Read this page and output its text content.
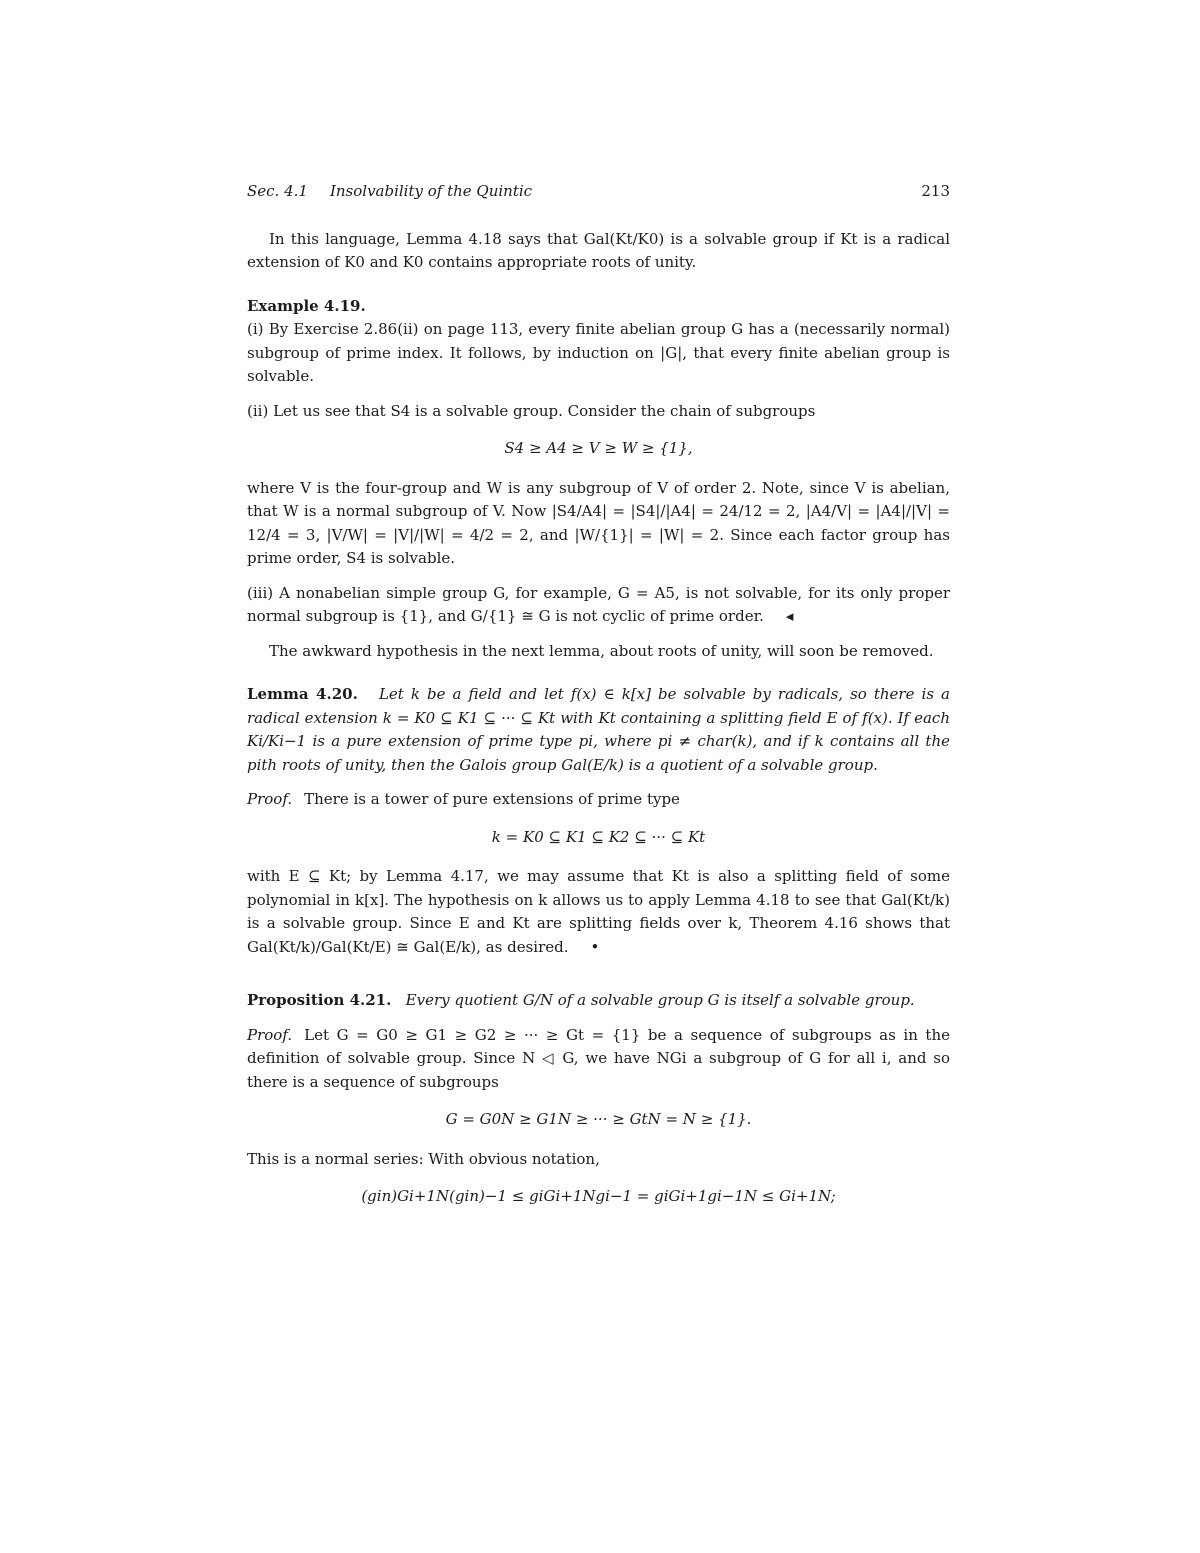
Sec. 4.1 Insolvability of the Quintic	213

In this language, Lemma 4.18 says that Gal(Kt/K0) is a solvable group if Kt is a radical extension of K0 and K0 contains appropriate roots of unity.

Example 4.19.

(i) By Exercise 2.86(ii) on page 113, every finite abelian group G has a (necessarily normal) subgroup of prime index. It follows, by induction on |G|, that every finite abelian group is solvable.

(ii) Let us see that S4 is a solvable group. Consider the chain of subgroups

S4 ≥ A4 ≥ V ≥ W ≥ {1},

where V is the four-group and W is any subgroup of V of order 2. Note, since V is abelian, that W is a normal subgroup of V. Now |S4/A4| = |S4|/|A4| = 24/12 = 2, |A4/V| = |A4|/|V| = 12/4 = 3, |V/W| = |V|/|W| = 4/2 = 2, and |W/{1}| = |W| = 2. Since each factor group has prime order, S4 is solvable.

(iii) A nonabelian simple group G, for example, G = A5, is not solvable, for its only proper normal subgroup is {1}, and G/{1} ≅ G is not cyclic of prime order. ◂

The awkward hypothesis in the next lemma, about roots of unity, will soon be removed.

Lemma 4.20. Let k be a field and let f(x) ∈ k[x] be solvable by radicals, so there is a radical extension k = K0 ⊆ K1 ⊆ ··· ⊆ Kt with Kt containing a splitting field E of f(x). If each Ki/Ki−1 is a pure extension of prime type pi, where pi ≠ char(k), and if k contains all the pith roots of unity, then the Galois group Gal(E/k) is a quotient of a solvable group.

Proof. There is a tower of pure extensions of prime type

k = K0 ⊆ K1 ⊆ K2 ⊆ ··· ⊆ Kt

with E ⊆ Kt; by Lemma 4.17, we may assume that Kt is also a splitting field of some polynomial in k[x]. The hypothesis on k allows us to apply Lemma 4.18 to see that Gal(Kt/k) is a solvable group. Since E and Kt are splitting fields over k, Theorem 4.16 shows that Gal(Kt/k)/Gal(Kt/E) ≅ Gal(E/k), as desired. •

Proposition 4.21. Every quotient G/N of a solvable group G is itself a solvable group.

Proof. Let G = G0 ≥ G1 ≥ G2 ≥ ··· ≥ Gt = {1} be a sequence of subgroups as in the definition of solvable group. Since N ◁ G, we have NGi a subgroup of G for all i, and so there is a sequence of subgroups

G = G0N ≥ G1N ≥ ··· ≥ GtN = N ≥ {1}.

This is a normal series: With obvious notation,

(gin)Gi+1N(gin)−1 ≤ giGi+1Ngi−1 = giGi+1gi−1N ≤ Gi+1N;
